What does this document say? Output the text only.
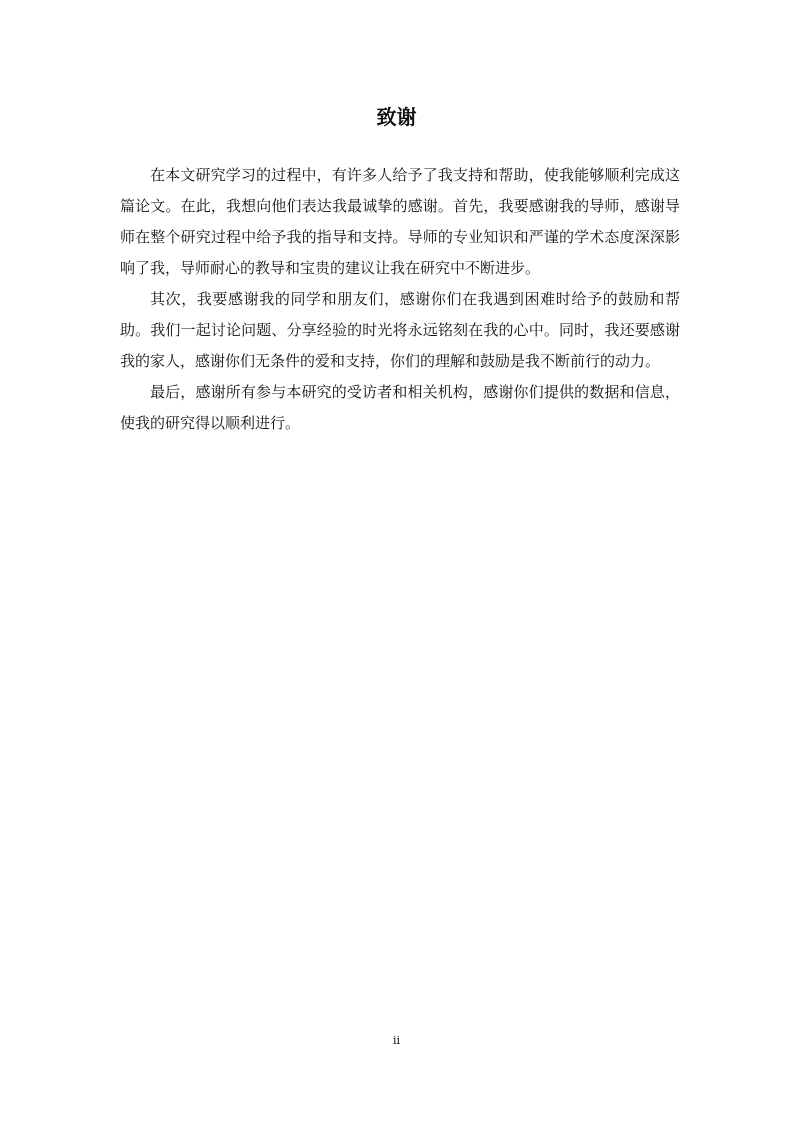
致谢

在本文研究学习的过程中，有许多人给予了我支持和帮助，使我能够顺利完成这篇论文。在此，我想向他们表达我最诚挚的感谢。首先，我要感谢我的导师，感谢导师在整个研究过程中给予我的指导和支持。导师的专业知识和严谨的学术态度深深影响了我，导师耐心的教导和宝贵的建议让我在研究中不断进步。

其次，我要感谢我的同学和朋友们，感谢你们在我遇到困难时给予的鼓励和帮助。我们一起讨论问题、分享经验的时光将永远铭刻在我的心中。同时，我还要感谢我的家人，感谢你们无条件的爱和支持，你们的理解和鼓励是我不断前行的动力。

最后，感谢所有参与本研究的受访者和相关机构，感谢你们提供的数据和信息，使我的研究得以顺利进行。

ii
